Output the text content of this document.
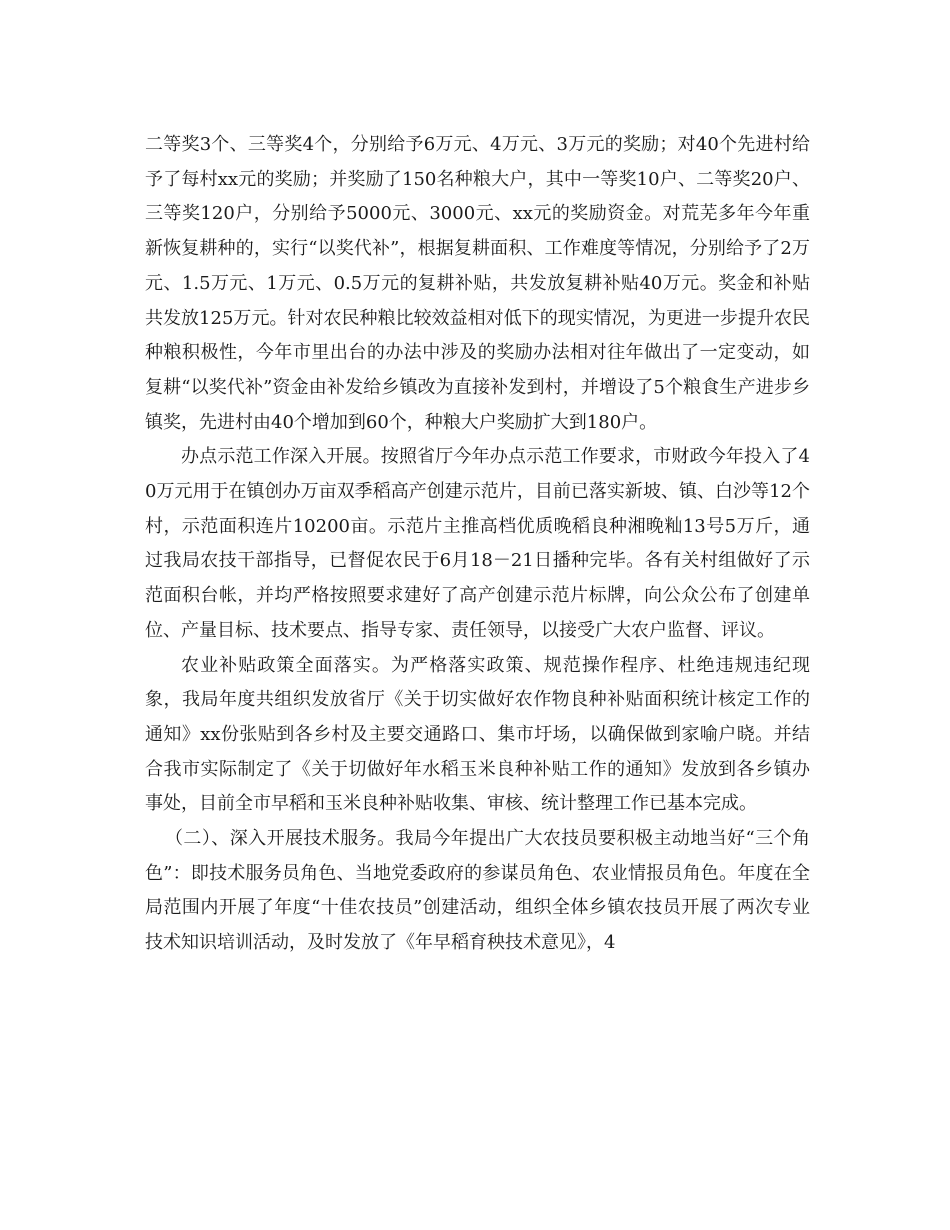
二等奖3个、三等奖4个，分别给予6万元、4万元、3万元的奖励；对40个先进村给予了每村xx元的奖励；并奖励了150名种粮大户，其中一等奖10户、二等奖20户、三等奖120户，分别给予5000元、3000元、xx元的奖励资金。对荒芜多年今年重新恢复耕种的，实行“以奖代补”，根据复耕面积、工作难度等情况，分别给予了2万元、1.5万元、1万元、0.5万元的复耕补贴，共发放复耕补贴40万元。奖金和补贴共发放125万元。针对农民种粮比较效益相对低下的现实情况，为更进一步提升农民种粮积极性，今年市里出台的办法中涉及的奖励办法相对往年做出了一定变动，如复耕“以奖代补”资金由补发给乡镇改为直接补发到村，并增设了5个粮食生产进步乡镇奖，先进村由40个增加到60个，种粮大户奖励扩大到180户。

办点示范工作深入开展。按照省厅今年办点示范工作要求，市财政今年投入了40万元用于在镇创办万亩双季稻高产创建示范片，目前已落实新坡、镇、白沙等12个村，示范面积连片10200亩。示范片主推高档优质晚稻良种湘晚籼13号5万斤，通过我局农技干部指导，已督促农民于6月18－21日播种完毕。各有关村组做好了示范面积台帐，并均严格按照要求建好了高产创建示范片标牌，向公众公布了创建单位、产量目标、技术要点、指导专家、责任领导，以接受广大农户监督、评议。

农业补贴政策全面落实。为严格落实政策、规范操作程序、杜绝违规违纪现象，我局年度共组织发放省厅《关于切实做好农作物良种补贴面积统计核定工作的通知》xx份张贴到各乡村及主要交通路口、集市圩场，以确保做到家喻户晓。并结合我市实际制定了《关于切做好年水稻玉米良种补贴工作的通知》发放到各乡镇办事处，目前全市早稻和玉米良种补贴收集、审核、统计整理工作已基本完成。

（二）、深入开展技术服务。我局今年提出广大农技员要积极主动地当好“三个角色”：即技术服务员角色、当地党委政府的参谋员角色、农业情报员角色。年度在全局范围内开展了年度“十佳农技员”创建活动，组织全体乡镇农技员开展了两次专业技术知识培训活动，及时发放了《年早稻育秧技术意见》，4
